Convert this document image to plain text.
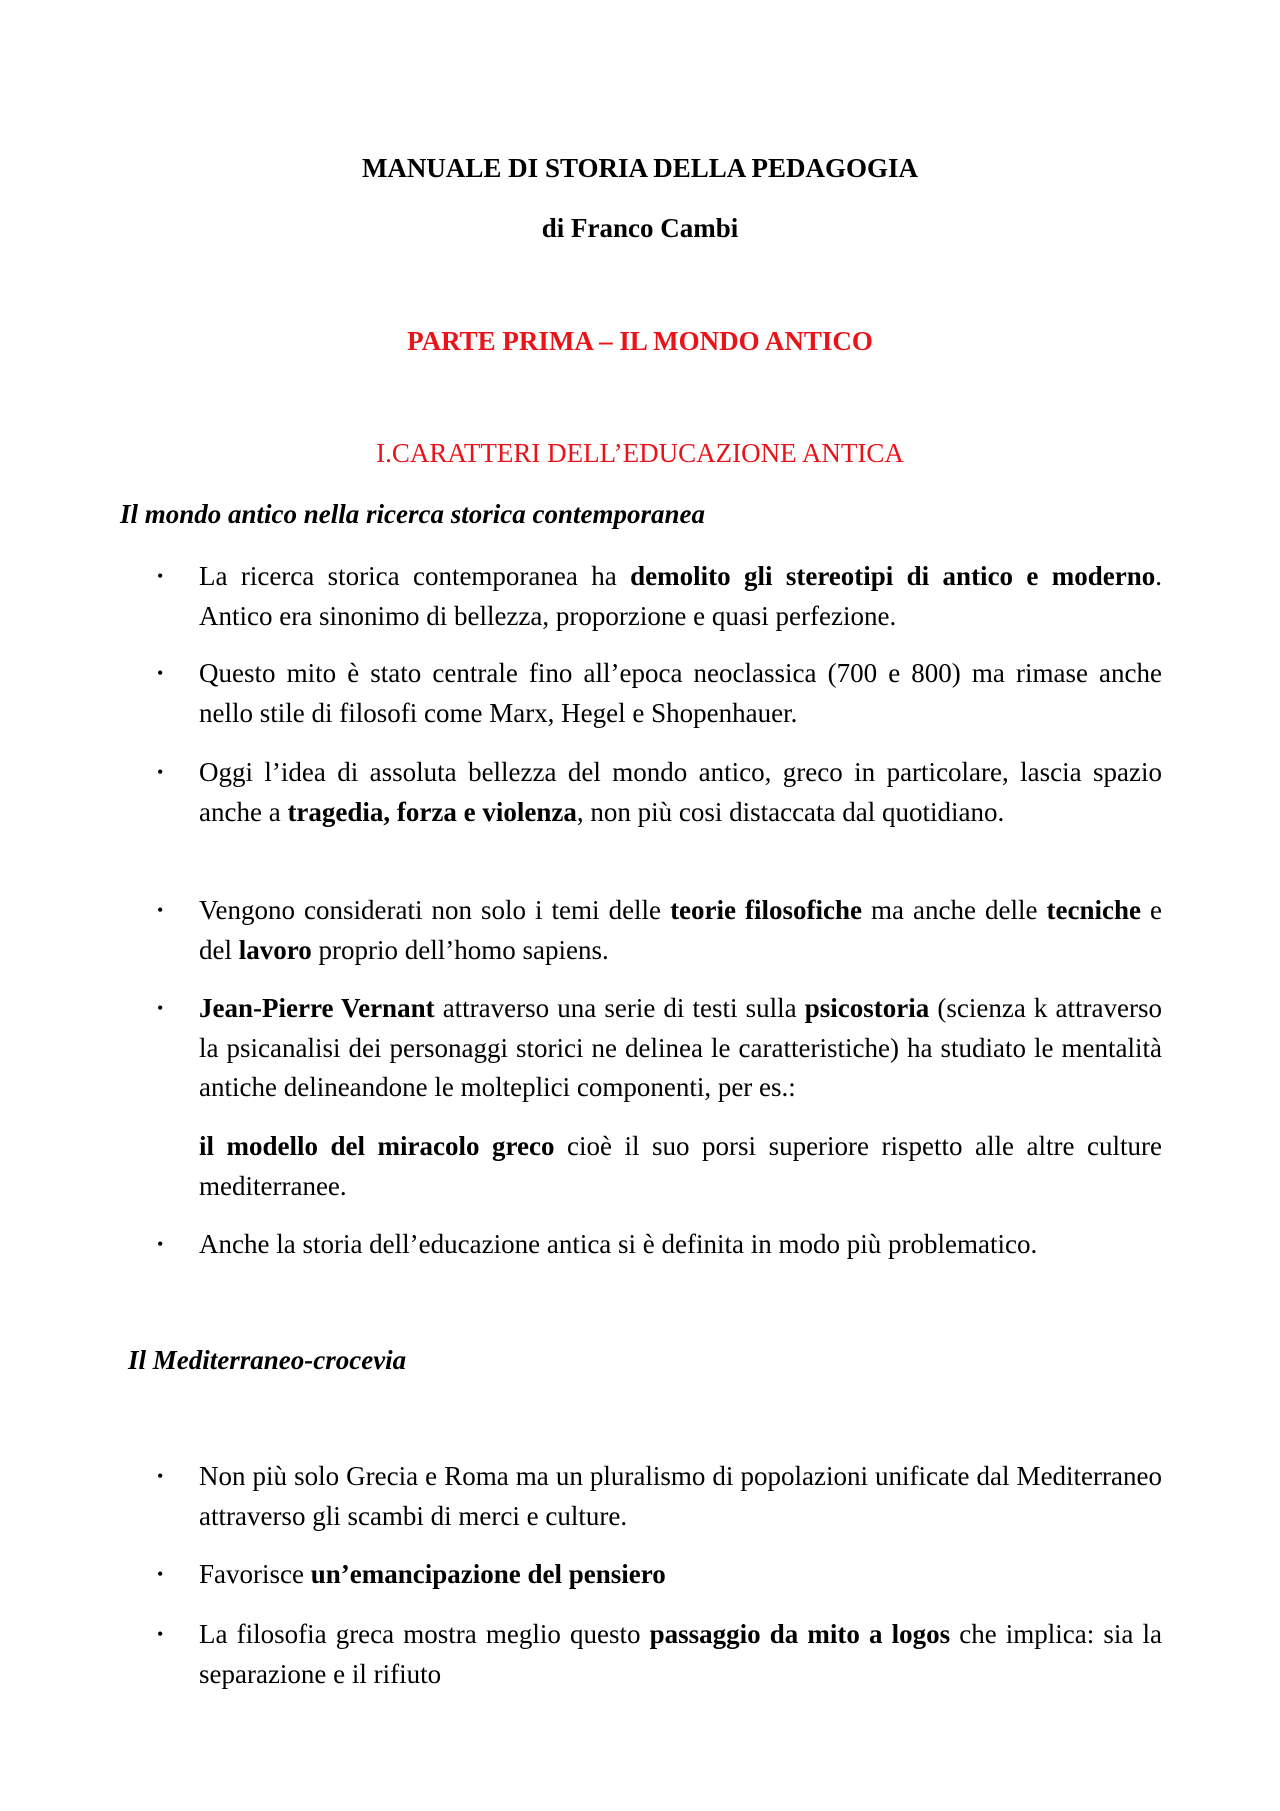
MANUALE DI STORIA DELLA PEDAGOGIA
di Franco Cambi
PARTE PRIMA – IL MONDO ANTICO
I.CARATTERI DELL’EDUCAZIONE ANTICA
Il mondo antico nella ricerca storica contemporanea
• La ricerca storica contemporanea ha demolito gli stereotipi di antico e moderno. Antico era sinonimo di bellezza, proporzione e quasi perfezione.
• Questo mito è stato centrale fino all’epoca neoclassica (700 e 800) ma rimase anche nello stile di filosofi come Marx, Hegel e Shopenhauer.
• Oggi l’idea di assoluta bellezza del mondo antico, greco in particolare, lascia spazio anche a tragedia, forza e violenza, non più cosi distaccata dal quotidiano.
• Vengono considerati non solo i temi delle teorie filosofiche ma anche delle tecniche e del lavoro proprio dell’homo sapiens.
• Jean-Pierre Vernant attraverso una serie di testi sulla psicostoria (scienza k attraverso la psicanalisi dei personaggi storici ne delinea le caratteristiche) ha studiato le mentalità antiche delineandone le molteplici componenti, per es.:
il modello del miracolo greco cioè il suo porsi superiore rispetto alle altre culture mediterranee.
• Anche la storia dell’educazione antica si è definita in modo più problematico.
Il Mediterraneo-crocevia
• Non più solo Grecia e Roma ma un pluralismo di popolazioni unificate dal Mediterraneo attraverso gli scambi di merci e culture.
• Favorisce un’emancipazione del pensiero
• La filosofia greca mostra meglio questo passaggio da mito a logos che implica: sia la separazione e il rifiuto
